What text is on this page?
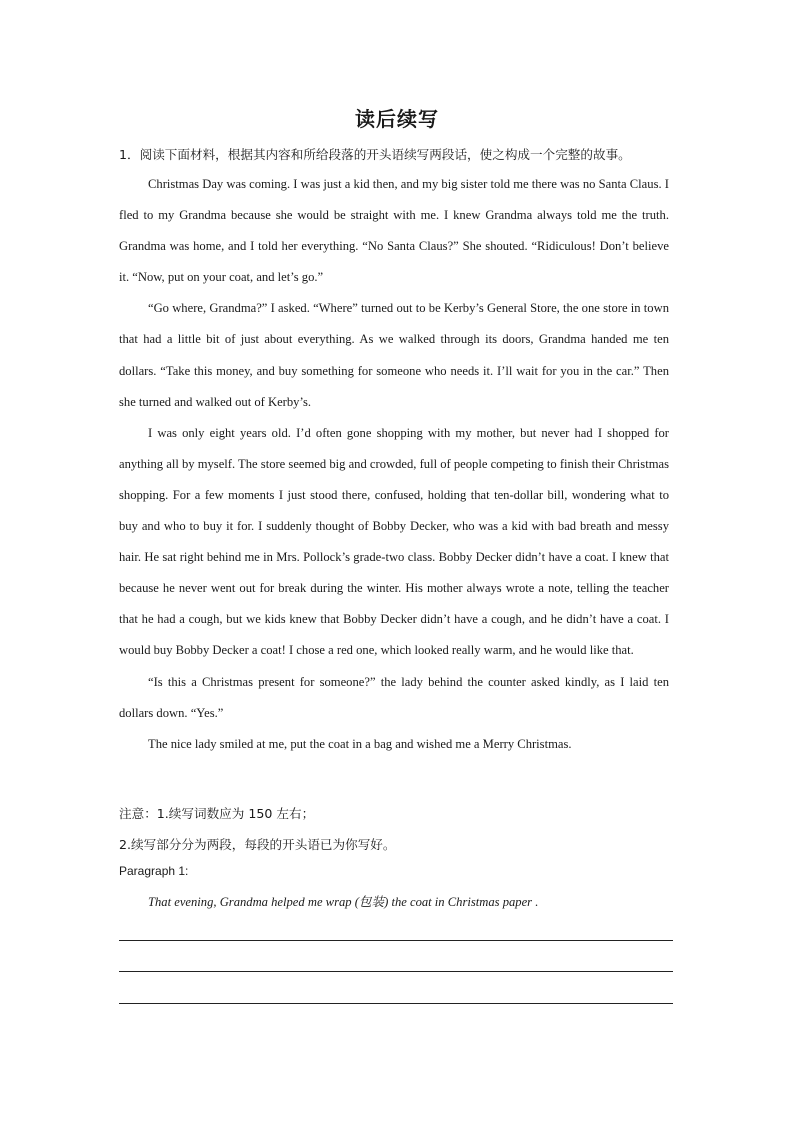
读后续写

1．阅读下面材料，根据其内容和所给段落的开头语续写两段话，使之构成一个完整的故事。

Christmas Day was coming. I was just a kid then, and my big sister told me there was no Santa Claus. I fled to my Grandma because she would be straight with me. I knew Grandma always told me the truth. Grandma was home, and I told her everything. “No Santa Claus?” She shouted. “Ridiculous! Don’t believe it. “Now, put on your coat, and let’s go.”

“Go where, Grandma?” I asked. “Where” turned out to be Kerby’s General Store, the one store in town that had a little bit of just about everything. As we walked through its doors, Grandma handed me ten dollars. “Take this money, and buy something for someone who needs it. I’ll wait for you in the car.” Then she turned and walked out of Kerby’s.

I was only eight years old. I’d often gone shopping with my mother, but never had I shopped for anything all by myself. The store seemed big and crowded, full of people competing to finish their Christmas shopping. For a few moments I just stood there, confused, holding that ten-dollar bill, wondering what to buy and who to buy it for. I suddenly thought of Bobby Decker, who was a kid with bad breath and messy hair. He sat right behind me in Mrs. Pollock’s grade-two class. Bobby Decker didn’t have a coat. I knew that because he never went out for break during the winter. His mother always wrote a note, telling the teacher that he had a cough, but we kids knew that Bobby Decker didn’t have a cough, and he didn’t have a coat. I would buy Bobby Decker a coat! I chose a red one, which looked really warm, and he would like that.

“Is this a Christmas present for someone?” the lady behind the counter asked kindly, as I laid ten dollars down. “Yes.”

The nice lady smiled at me, put the coat in a bag and wished me a Merry Christmas.

注意：1.续写词数应为 150 左右；

2.续写部分分为两段，每段的开头语已为你写好。

Paragraph 1:

That evening, Grandma helped me wrap (包装) the coat in Christmas paper .
